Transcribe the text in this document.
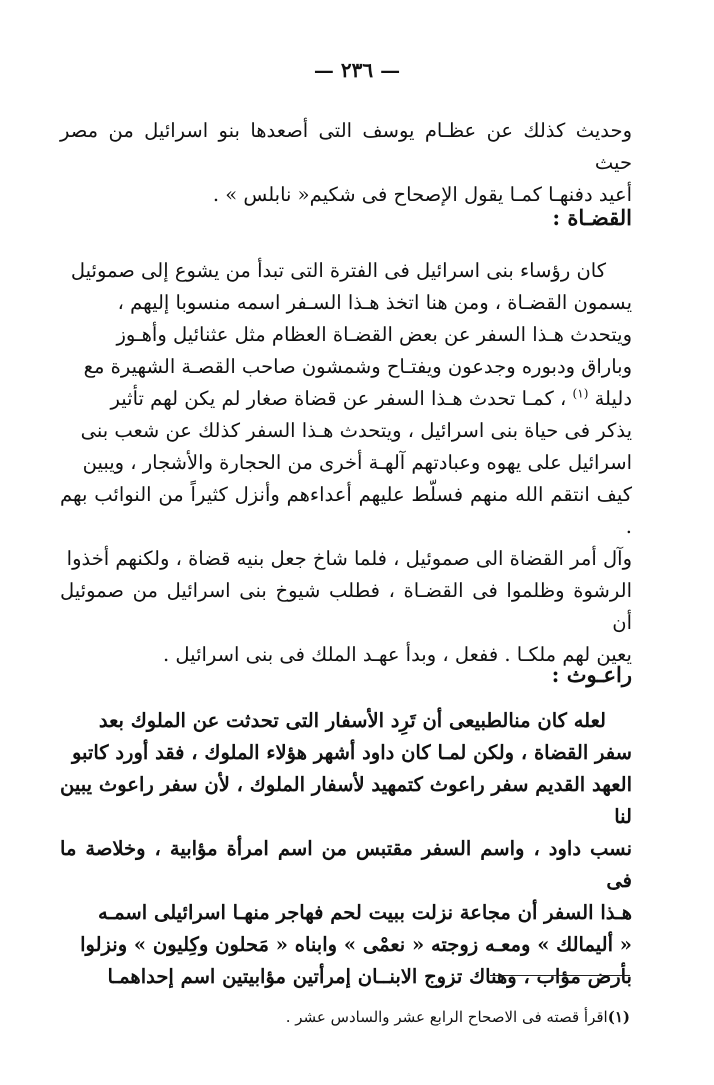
— ٢٣٦ —

وحديث كذلك عن عظـام يوسف التى أصعدها بنو اسرائيل من مصر حيث

أعيد دفنهـا كمـا يقول الإصحاح فى شكيم« نابلس » .

القضـاة :

كان رؤساء بنى اسرائيل فى الفترة التى تبدأ من يشوع إلى صموئيل

يسمون القضـاة ، ومن هنا اتخذ هـذا السـفر اسمه منسوبا إليهم ،

ويتحدث هـذا السفر عن بعض القضـاة العظام مثل عثنائيل وأهـوز

وباراق ودبوره وجدعون ويفتـاح وشمشون صاحب القصـة الشهيرة مع

دليلة $^{(١)}$ ، كمـا تحدث هـذا السفر عن قضاة صغار لم يكن لهم تأثير

يذكر فى حياة بنى اسرائيل ، ويتحدث هـذا السفر كذلك عن شعب بنى

اسرائيل على يهوه وعبادتهم آلهـة أخرى من الحجارة والأشجار ، ويبين

كيف انتقم الله منهم فسلّط عليهم أعداءهم وأنزل كثيراً من النوائب بهم .

وآل أمر القضاة الى صموئيل ، فلما شاخ جعل بنيه قضاة ، ولكنهم أخذوا

الرشوة وظلموا فى القضـاة ، فطلب شيوخ بنى اسرائيل من صموئيل أن

يعين لهم ملكـا . ففعل ، وبدأ عهـد الملك فى بنى اسرائيل .

راعـوث :

لعله كان منالطبيعى أن تَرِد الأسفار التى تحدثت عن الملوك بعد

سفر القضاة ، ولكن لمـا كان داود أشهر هؤلاء الملوك ، فقد أورد كاتبو

العهد القديم سفر راعوث كتمهيد لأسفار الملوك ، لأن سفر راعوث يبين لنا

نسب داود ، واسم السفر مقتبس من اسم امرأة مؤابية ، وخلاصة ما فى

هـذا السفر أن مجاعة نزلت ببيت لحم فهاجر منهـا اسرائيلى اسمـه

« أليمالك » ومعـه زوجته « نعمْى » وابناه « مَحلون وكِليون » ونزلوا

بأرض مؤاب ، وهناك تزوج الابنــان إمرأتين مؤابيتين اسم إحداهمـا

(١)اقرأ قصته فى الاصحاح الرابع عشر والسادس عشر .
